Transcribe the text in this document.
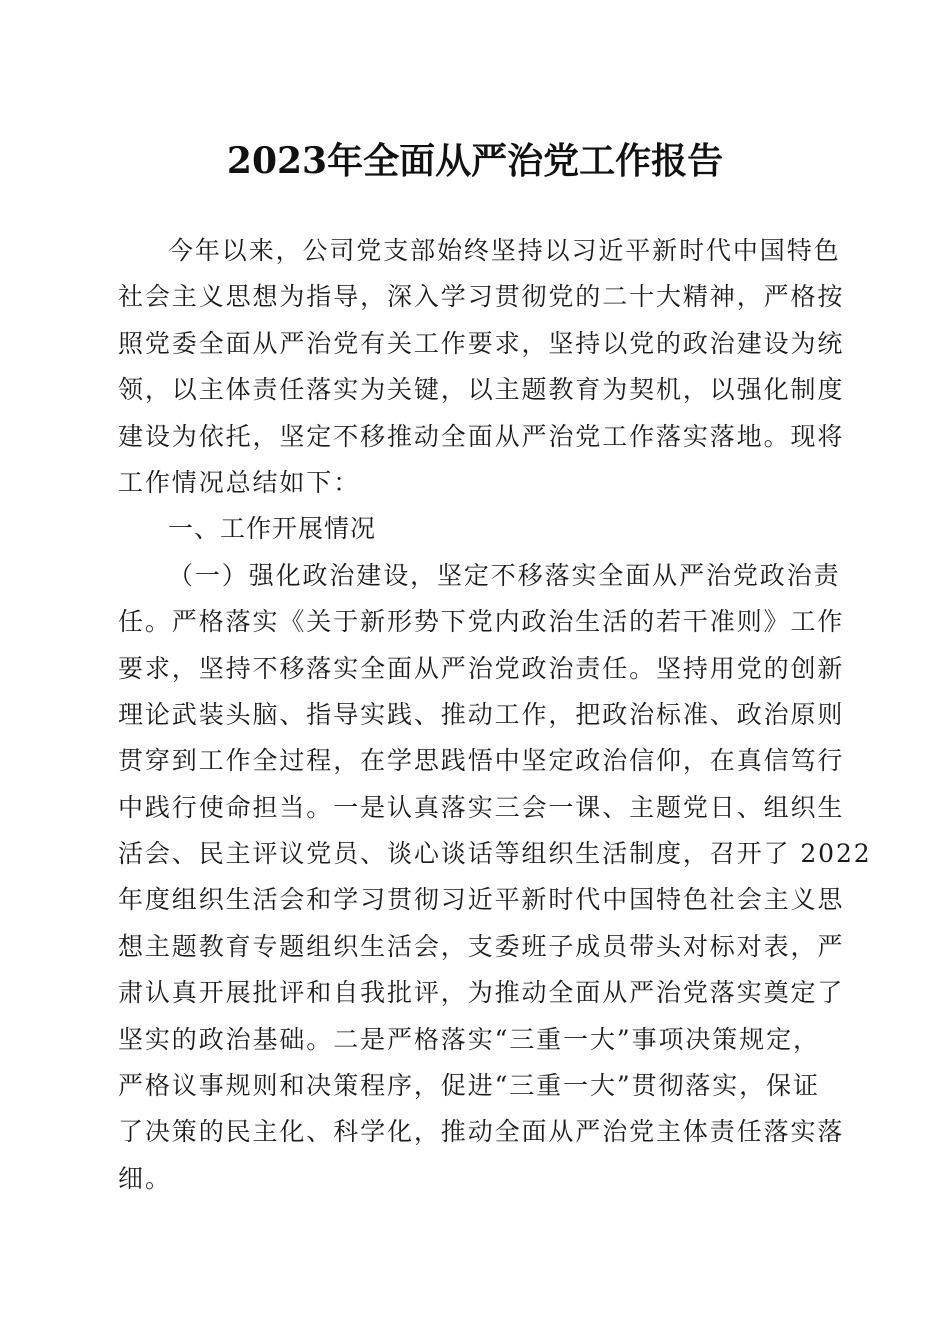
2023年全面从严治党工作报告
今年以来，公司党支部始终坚持以习近平新时代中国特色
社会主义思想为指导，深入学习贯彻党的二十大精神，严格按
照党委全面从严治党有关工作要求，坚持以党的政治建设为统
领，以主体责任落实为关键，以主题教育为契机，以强化制度
建设为依托，坚定不移推动全面从严治党工作落实落地。现将
工作情况总结如下：
一、工作开展情况
（一）强化政治建设，坚定不移落实全面从严治党政治责
任。严格落实《关于新形势下党内政治生活的若干准则》工作
要求，坚持不移落实全面从严治党政治责任。坚持用党的创新
理论武装头脑、指导实践、推动工作，把政治标准、政治原则
贯穿到工作全过程，在学思践悟中坚定政治信仰，在真信笃行
中践行使命担当。一是认真落实三会一课、主题党日、组织生
活会、民主评议党员、谈心谈话等组织生活制度，召开了 2022
年度组织生活会和学习贯彻习近平新时代中国特色社会主义思
想主题教育专题组织生活会，支委班子成员带头对标对表，严
肃认真开展批评和自我批评，为推动全面从严治党落实奠定了
坚实的政治基础。二是严格落实“三重一大”事项决策规定，
严格议事规则和决策程序，促进“三重一大”贯彻落实，保证
了决策的民主化、科学化，推动全面从严治党主体责任落实落
细。
